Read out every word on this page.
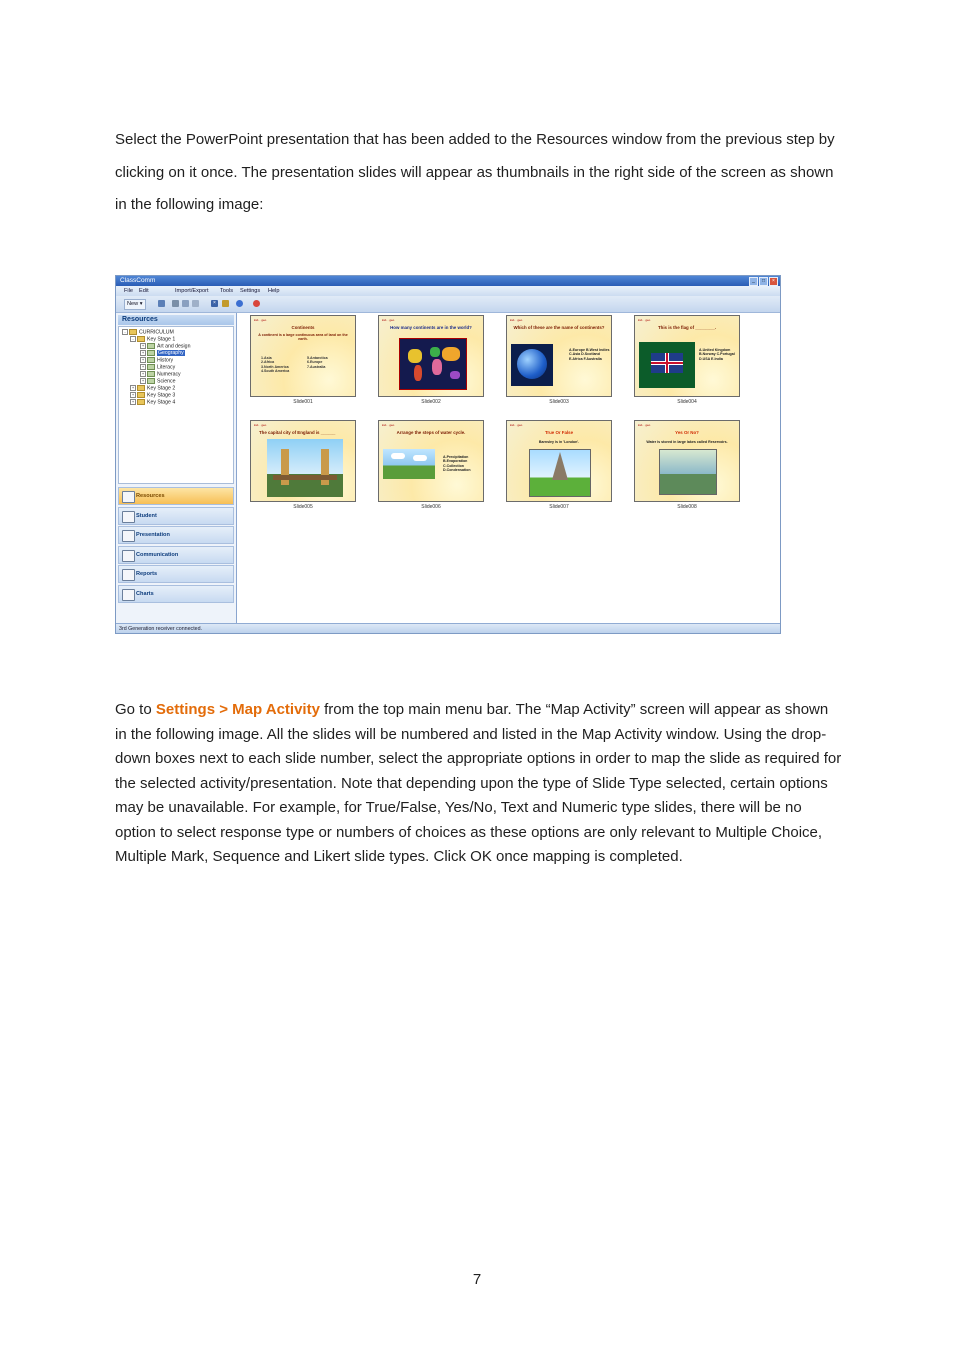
Select the PowerPoint presentation that has been added to the Resources window from the previous step by clicking on it once. The presentation slides will appear as thumbnails in the right side of the screen as shown in the following image:
ClassComm	_	□	×
File Edit	Import/Export Tools Settings Help
New ▾	×
Resources
-	CURRICULUM
-	Key Stage 1
+ Art and design
+	Geography
+ History
+ Literacy
+ Numeracy
+ Science
+ Key Stage 2
+ Key Stage 3
+ Key Stage 4
Resources
Student
Presentation
Communication
Reports
Charts
ks1 · geo
Continents
A continent is a large continuous area of land on the earth.
1.Asia
2.Africa
3.North America
4.South America
5.Antarctica
6.Europe
7.Australia
ks1 · geo
How many continents are in the world?
ks1 · geo
Which of these are the name of continents?
A.Europe B.West Indies C.Asia D.Scotland E.Africa F.Australia
ks1 · geo
This is the flag of ________.
A.United Kingdom B.Norway C.Portugal D.USA E.India
Slide001	Slide002	Slide003	Slide004
ks1 · geo
The capital city of England is ______
ks1 · geo
Arrange the steps of water cycle.
A.Precipitation B.Evaporation C.Collection D.Condensation
ks1 · geo
True Or False
Barnsley is in 'London'.
ks1 · geo
Yes Or No?
Water is stored in large lakes called Reservoirs.
Slide005	Slide006	Slide007	Slide008
3rd Generation receiver connected.
Go to Settings > Map Activity from the top main menu bar. The “Map Activity” screen will appear as shown in the following image. All the slides will be numbered and listed in the Map Activity window. Using the drop-down boxes next to each slide number, select the appropriate options in order to map the slide as required for the selected activity/presentation. Note that depending upon the type of Slide Type selected, certain options may be unavailable. For example, for True/False, Yes/No, Text and Numeric type slides, there will be no option to select response type or numbers of choices as these options are only relevant to Multiple Choice, Multiple Mark, Sequence and Likert slide types. Click OK once mapping is completed.
7
